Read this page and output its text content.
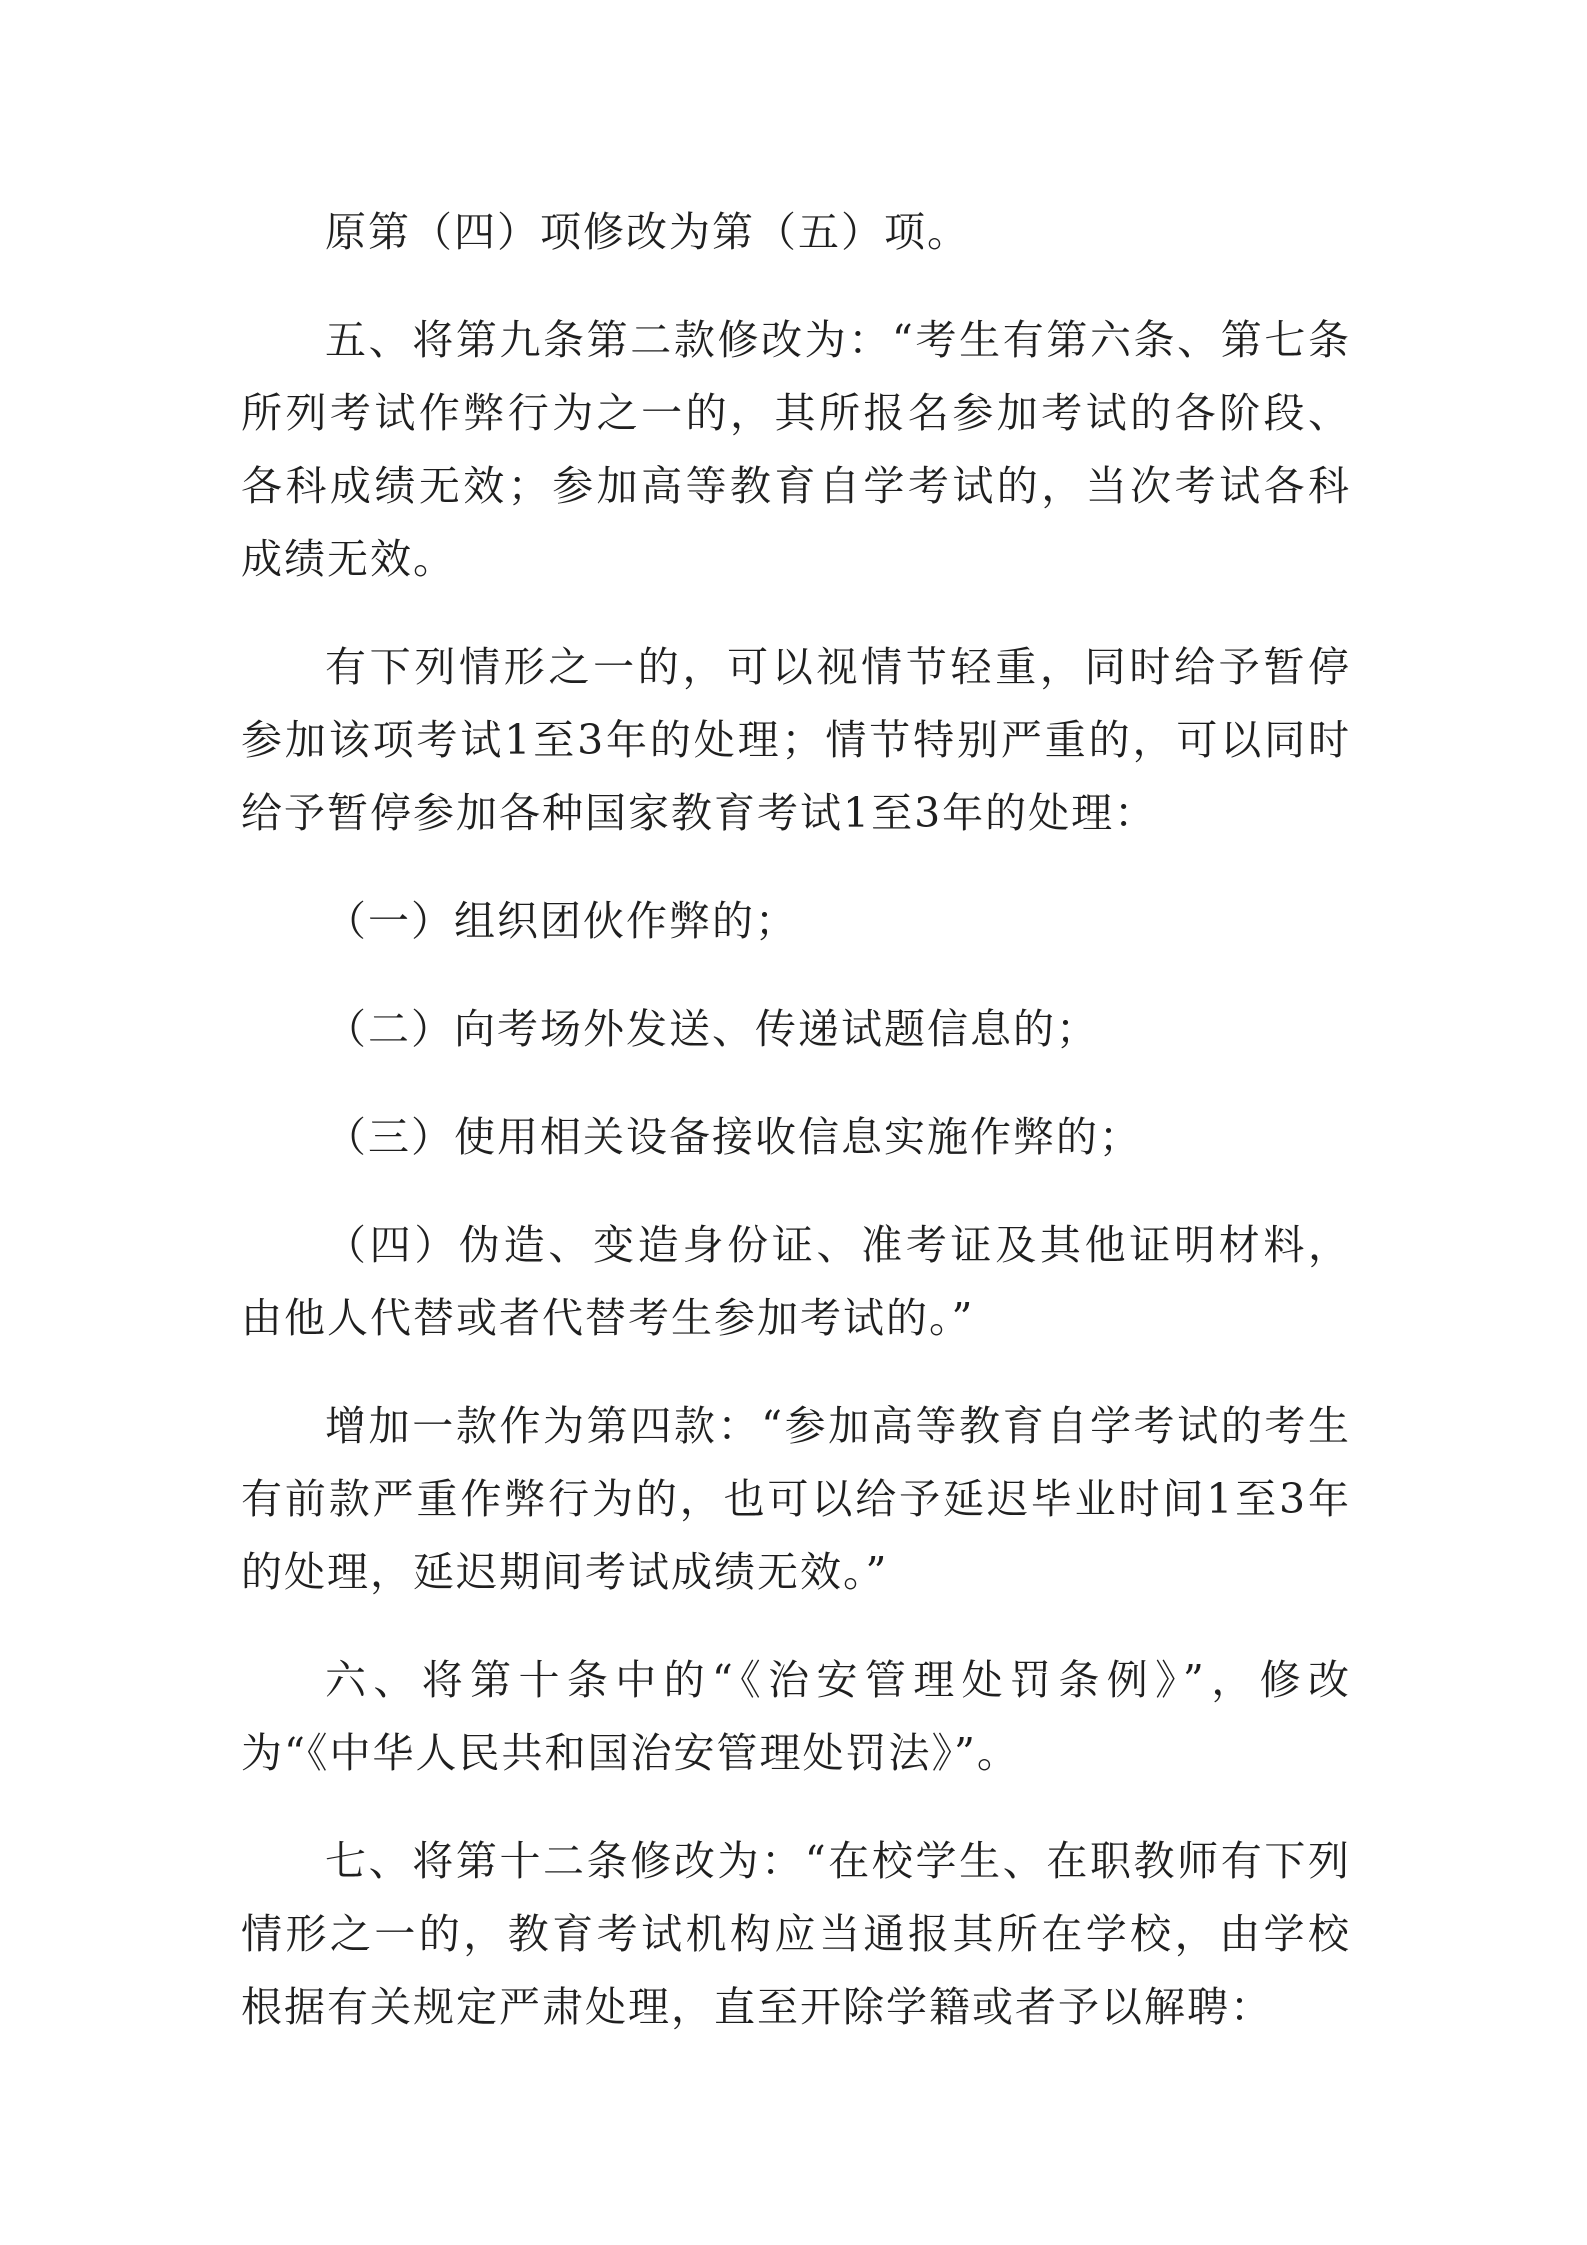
原第（四）项修改为第（五）项。

五、将第九条第二款修改为：“考生有第六条、第七条所列考试作弊行为之一的，其所报名参加考试的各阶段、各科成绩无效；参加高等教育自学考试的，当次考试各科成绩无效。

有下列情形之一的，可以视情节轻重，同时给予暂停参加该项考试1至3年的处理；情节特别严重的，可以同时给予暂停参加各种国家教育考试1至3年的处理：

（一）组织团伙作弊的；

（二）向考场外发送、传递试题信息的；

（三）使用相关设备接收信息实施作弊的；

（四）伪造、变造身份证、准考证及其他证明材料，由他人代替或者代替考生参加考试的。”

增加一款作为第四款：“参加高等教育自学考试的考生有前款严重作弊行为的，也可以给予延迟毕业时间1至3年的处理，延迟期间考试成绩无效。”

六、将第十条中的“《治安管理处罚条例》”，修改为“《中华人民共和国治安管理处罚法》”。

七、将第十二条修改为：“在校学生、在职教师有下列情形之一的，教育考试机构应当通报其所在学校，由学校根据有关规定严肃处理，直至开除学籍或者予以解聘：
